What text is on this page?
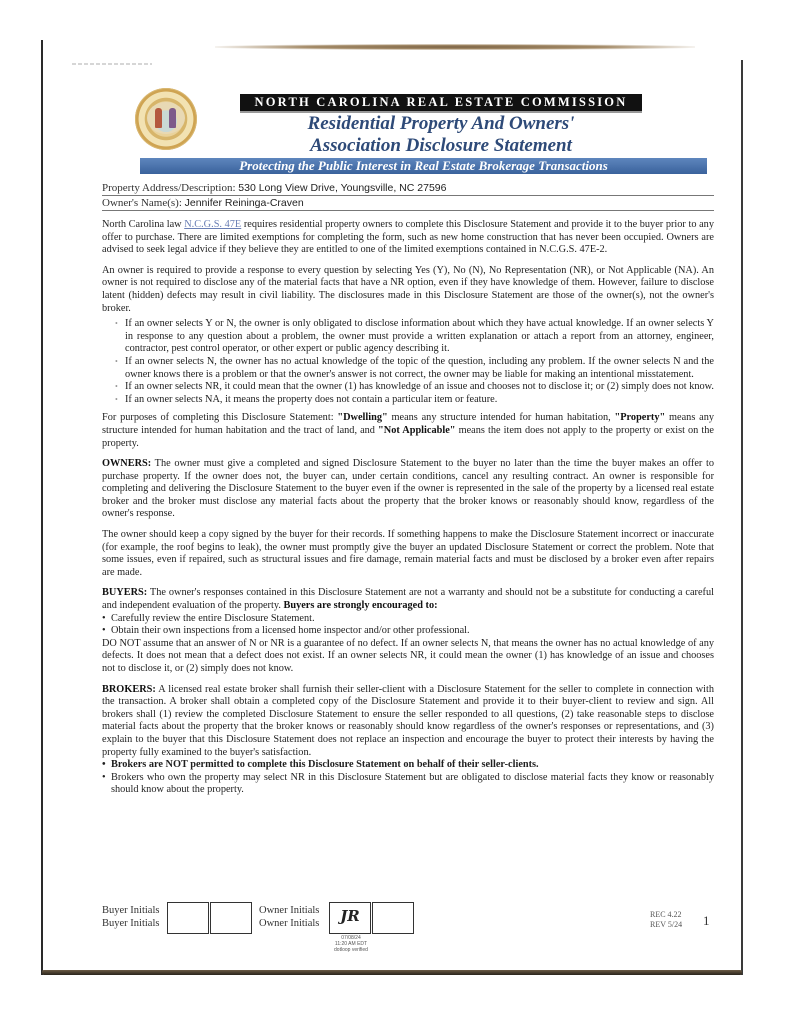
NORTH CAROLINA REAL ESTATE COMMISSION
Residential Property And Owners'
Association Disclosure Statement
Protecting the Public Interest in Real Estate Brokerage Transactions
Property Address/Description: 530 Long View Drive, Youngsville, NC 27596
Owner's Name(s): Jennifer Reininga-Craven
North Carolina law N.C.G.S. 47E requires residential property owners to complete this Disclosure Statement and provide it to the buyer prior to any offer to purchase. There are limited exemptions for completing the form, such as new home construction that has never been occupied. Owners are advised to seek legal advice if they believe they are entitled to one of the limited exemptions contained in N.C.G.S. 47E-2.
An owner is required to provide a response to every question by selecting Yes (Y), No (N), No Representation (NR), or Not Applicable (NA). An owner is not required to disclose any of the material facts that have a NR option, even if they have knowledge of them. However, failure to disclose latent (hidden) defects may result in civil liability. The disclosures made in this Disclosure Statement are those of the owner(s), not the owner's broker.
• If an owner selects Y or N, the owner is only obligated to disclose information about which they have actual knowledge. If an owner selects Y in response to any question about a problem, the owner must provide a written explanation or attach a report from an attorney, engineer, contractor, pest control operator, or other expert or public agency describing it.
• If an owner selects N, the owner has no actual knowledge of the topic of the question, including any problem. If the owner selects N and the owner knows there is a problem or that the owner's answer is not correct, the owner may be liable for making an intentional misstatement.
• If an owner selects NR, it could mean that the owner (1) has knowledge of an issue and chooses not to disclose it; or (2) simply does not know.
• If an owner selects NA, it means the property does not contain a particular item or feature.
For purposes of completing this Disclosure Statement: "Dwelling" means any structure intended for human habitation, "Property" means any structure intended for human habitation and the tract of land, and "Not Applicable" means the item does not apply to the property or exist on the property.
OWNERS: The owner must give a completed and signed Disclosure Statement to the buyer no later than the time the buyer makes an offer to purchase property. If the owner does not, the buyer can, under certain conditions, cancel any resulting contract. An owner is responsible for completing and delivering the Disclosure Statement to the buyer even if the owner is represented in the sale of the property by a licensed real estate broker and the broker must disclose any material facts about the property that the broker knows or reasonably should know, regardless of the owner's response.
The owner should keep a copy signed by the buyer for their records. If something happens to make the Disclosure Statement incorrect or inaccurate (for example, the roof begins to leak), the owner must promptly give the buyer an updated Disclosure Statement or correct the problem. Note that some issues, even if repaired, such as structural issues and fire damage, remain material facts and must be disclosed by a broker even after repairs are made.
BUYERS: The owner's responses contained in this Disclosure Statement are not a warranty and should not be a substitute for conducting a careful and independent evaluation of the property. Buyers are strongly encouraged to:
• Carefully review the entire Disclosure Statement.
• Obtain their own inspections from a licensed home inspector and/or other professional.
DO NOT assume that an answer of N or NR is a guarantee of no defect. If an owner selects N, that means the owner has no actual knowledge of any defects. It does not mean that a defect does not exist. If an owner selects NR, it could mean the owner (1) has knowledge of an issue and chooses not to disclose it, or (2) simply does not know.
BROKERS: A licensed real estate broker shall furnish their seller-client with a Disclosure Statement for the seller to complete in connection with the transaction. A broker shall obtain a completed copy of the Disclosure Statement and provide it to their buyer-client to review and sign. All brokers shall (1) review the completed Disclosure Statement to ensure the seller responded to all questions, (2) take reasonable steps to disclose material facts about the property that the broker knows or reasonably should know regardless of the owner's responses or representations, and (3) explain to the buyer that this Disclosure Statement does not replace an inspection and encourage the buyer to protect their interests by having the property fully examined to the buyer's satisfaction.
• Brokers are NOT permitted to complete this Disclosure Statement on behalf of their seller-clients.
• Brokers who own the property may select NR in this Disclosure Statement but are obligated to disclose material facts they know or reasonably should know about the property.
Buyer Initials
Buyer Initials
Owner Initials
Owner Initials	JR
07/08/24
11:20 AM EDT
dotloop verified
REC 4.22
REV 5/24 1
